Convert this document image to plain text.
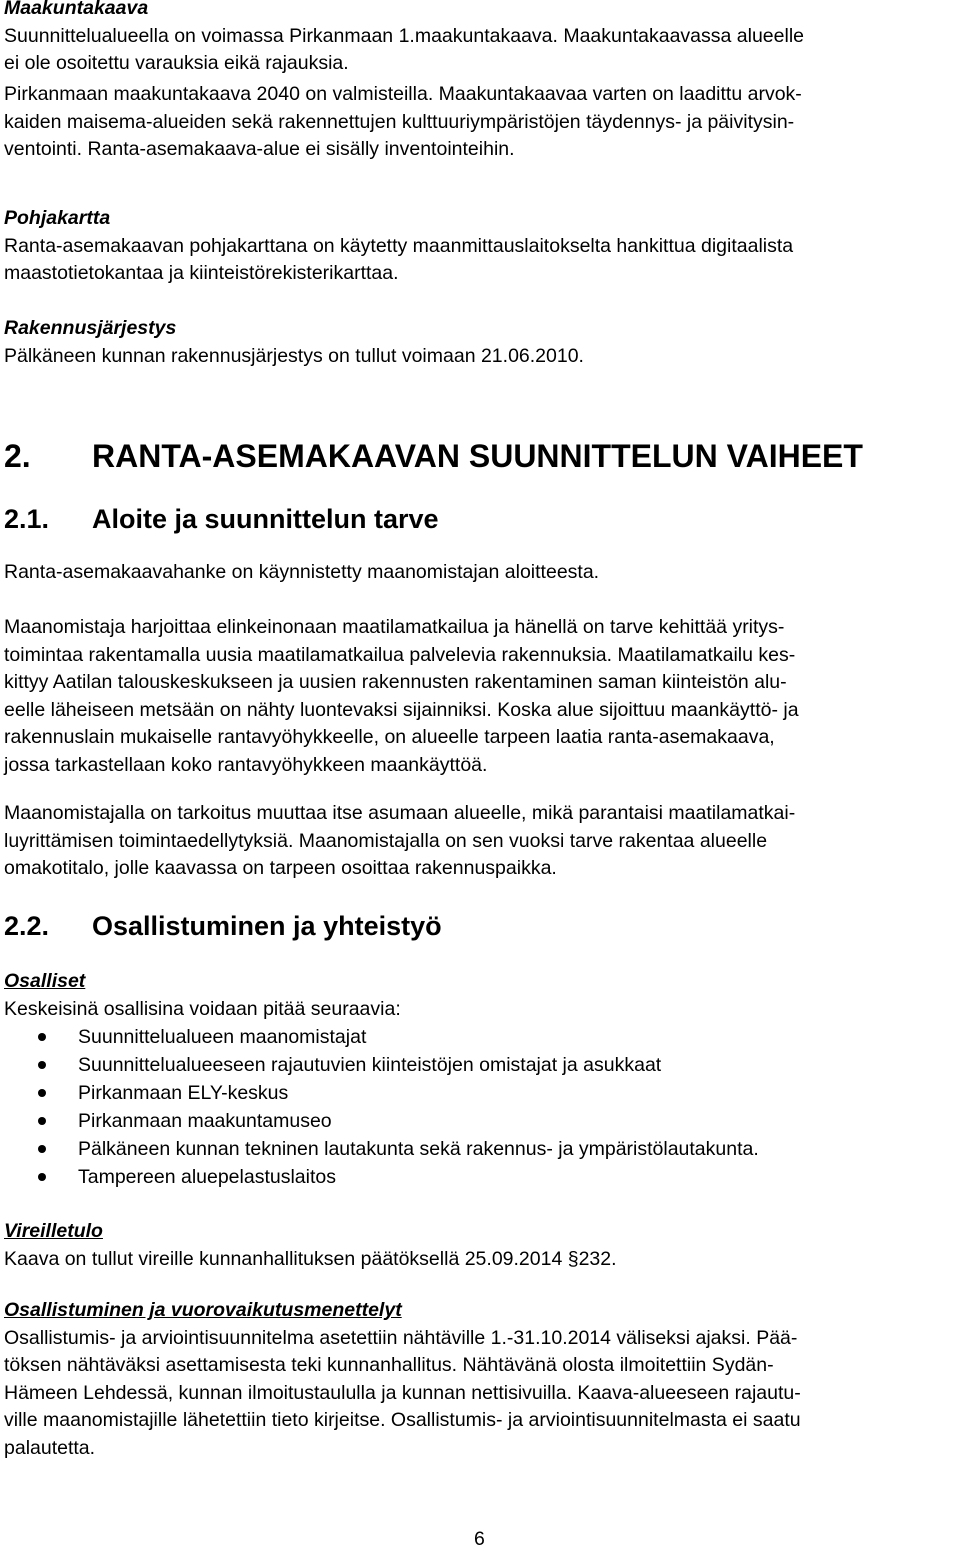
Maakuntakaava
Suunnittelualueella on voimassa Pirkanmaan 1.maakuntakaava. Maakuntakaavassa alueelle
ei ole osoitettu varauksia eikä rajauksia.
Pirkanmaan maakuntakaava 2040 on valmisteilla. Maakuntakaavaa varten on laadittu arvok-
kaiden maisema-alueiden sekä rakennettujen kulttuuriympäristöjen täydennys- ja päivitysin-
ventointi. Ranta-asemakaava-alue ei sisälly inventointeihin.
Pohjakartta
Ranta-asemakaavan pohjakarttana on käytetty maanmittauslaitokselta hankittua digitaalista
maastotietokantaa ja kiinteistörekisterikarttaa.
Rakennusjärjestys
Pälkäneen kunnan rakennusjärjestys on tullut voimaan 21.06.2010.
2. RANTA-ASEMAKAAVAN SUUNNITTELUN VAIHEET
2.1. Aloite ja suunnittelun tarve
Ranta-asemakaavahanke on käynnistetty maanomistajan aloitteesta.
Maanomistaja harjoittaa elinkeinonaan maatilamatkailua ja hänellä on tarve kehittää yritys-
toimintaa rakentamalla uusia maatilamatkailua palvelevia rakennuksia. Maatilamatkailu kes-
kittyy Aatilan talouskeskukseen ja uusien rakennusten rakentaminen saman kiinteistön alu-
eelle läheiseen metsään on nähty luontevaksi sijainniksi. Koska alue sijoittuu maankäyttö- ja
rakennuslain mukaiselle rantavyöhykkeelle, on alueelle tarpeen laatia ranta-asemakaava,
jossa tarkastellaan koko rantavyöhykkeen maankäyttöä.
Maanomistajalla on tarkoitus muuttaa itse asumaan alueelle, mikä parantaisi maatilamatkai-
luyrittämisen toimintaedellytyksiä. Maanomistajalla on sen vuoksi tarve rakentaa alueelle
omakotitalo, jolle kaavassa on tarpeen osoittaa rakennuspaikka.
2.2. Osallistuminen ja yhteistyö
Osalliset
Keskeisinä osallisina voidaan pitää seuraavia:
Suunnittelualueen maanomistajat
Suunnittelualueeseen rajautuvien kiinteistöjen omistajat ja asukkaat
Pirkanmaan ELY-keskus
Pirkanmaan maakuntamuseo
Pälkäneen kunnan tekninen lautakunta sekä rakennus- ja ympäristölautakunta.
Tampereen aluepelastuslaitos
Vireilletulo
Kaava on tullut vireille kunnanhallituksen päätöksellä 25.09.2014 §232.
Osallistuminen ja vuorovaikutusmenettelyt
Osallistumis- ja arviointisuunnitelma asetettiin nähtäville 1.-31.10.2014 väliseksi ajaksi. Pää-
töksen nähtäväksi asettamisesta teki kunnanhallitus. Nähtävänä olosta ilmoitettiin Sydän-
Hämeen Lehdessä, kunnan ilmoitustaululla ja kunnan nettisivuilla. Kaava-alueeseen rajautu-
ville maanomistajille lähetettiin tieto kirjeitse. Osallistumis- ja arviointisuunnitelmasta ei saatu
palautetta.
6
